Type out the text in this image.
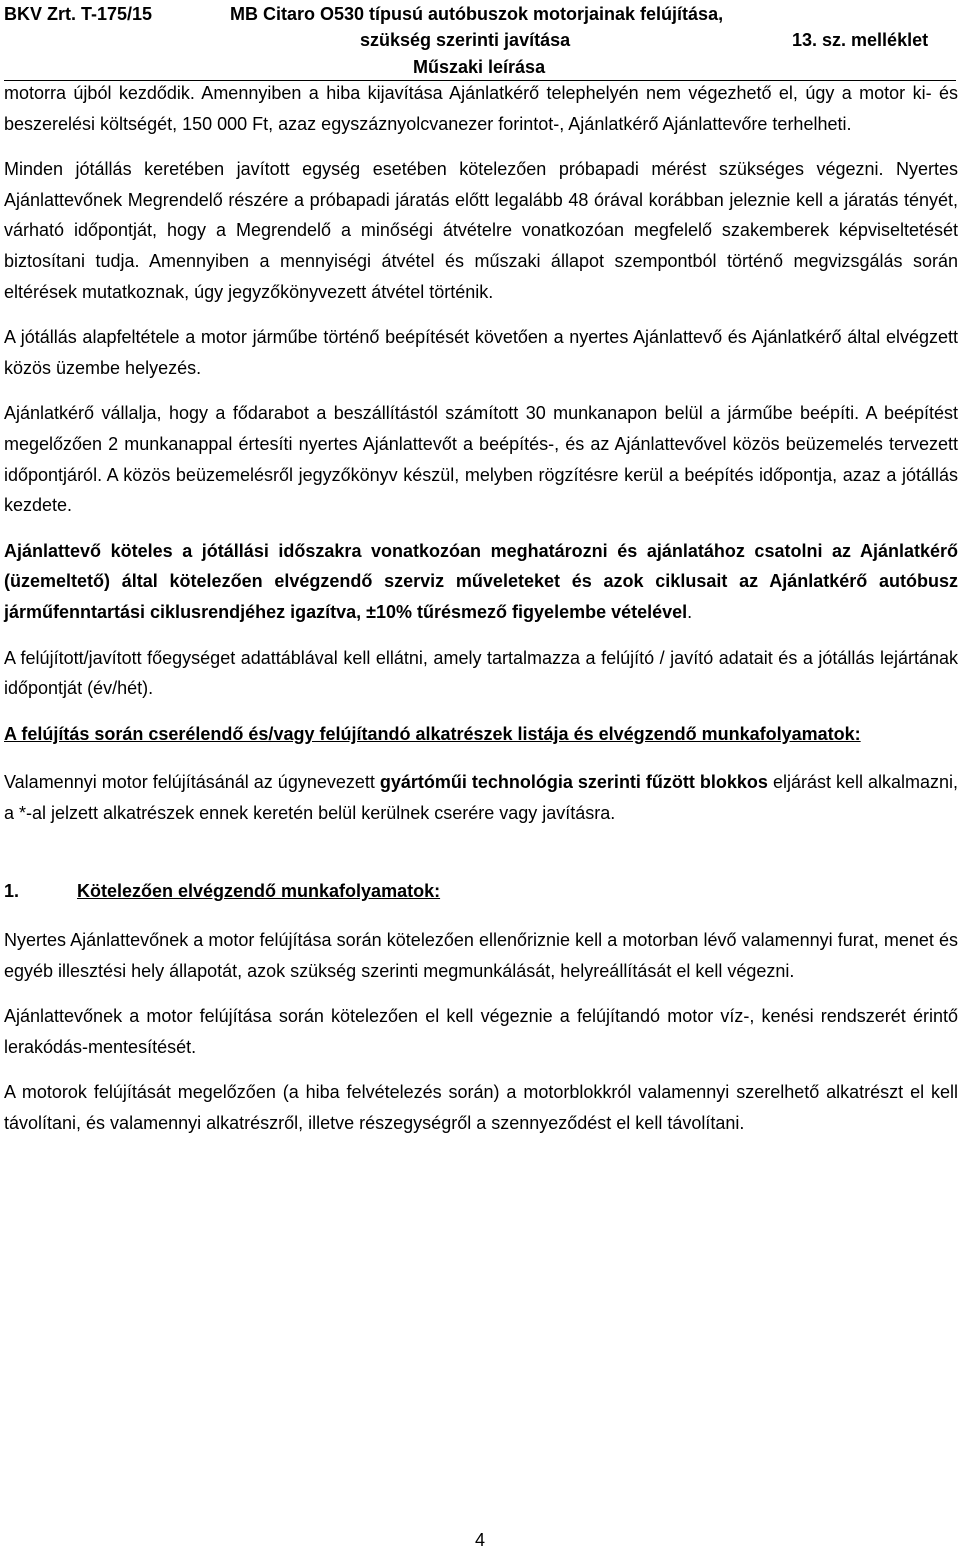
BKV Zrt. T-175/15	MB Citaro O530 típusú autóbuszok motorjainak felújítása,
szükség szerinti javítása	13. sz. melléklet
Műszaki leírása

motorra újból kezdődik. Amennyiben a hiba kijavítása Ajánlatkérő telephelyén nem végezhető el, úgy a motor ki- és beszerelési költségét, 150 000 Ft, azaz egyszáznyolcvanezer forintot-, Ajánlatkérő Ajánlattevőre terhelheti.

Minden jótállás keretében javított egység esetében kötelezően próbapadi mérést szükséges végezni. Nyertes Ajánlattevőnek Megrendelő részére a próbapadi járatás előtt legalább 48 órával korábban jeleznie kell a járatás tényét, várható időpontját, hogy a Megrendelő a minőségi átvételre vonatkozóan megfelelő szakemberek képviseltetését biztosítani tudja. Amennyiben a mennyiségi átvétel és műszaki állapot szempontból történő megvizsgálás során eltérések mutatkoznak, úgy jegyzőkönyvezett átvétel történik.

A jótállás alapfeltétele a motor járműbe történő beépítését követően a nyertes Ajánlattevő és Ajánlatkérő által elvégzett közös üzembe helyezés.

Ajánlatkérő vállalja, hogy a fődarabot a beszállítástól számított 30 munkanapon belül a járműbe beépíti. A beépítést megelőzően 2 munkanappal értesíti nyertes Ajánlattevőt a beépítés-, és az Ajánlattevővel közös beüzemelés tervezett időpontjáról. A közös beüzemelésről jegyzőkönyv készül, melyben rögzítésre kerül a beépítés időpontja, azaz a jótállás kezdete.

Ajánlattevő köteles a jótállási időszakra vonatkozóan meghatározni és ajánlatához csatolni az Ajánlatkérő (üzemeltető) által kötelezően elvégzendő szerviz műveleteket és azok ciklusait az Ajánlatkérő autóbusz járműfenntartási ciklusrendjéhez igazítva, ±10% tűrésmező figyelembe vételével.

A felújított/javított főegységet adattáblával kell ellátni, amely tartalmazza a felújító / javító adatait és a jótállás lejártának időpontját (év/hét).

A felújítás során cserélendő és/vagy felújítandó alkatrészek listája és elvégzendő munkafolyamatok:

Valamennyi motor felújításánál az úgynevezett gyártóműi technológia szerinti fűzött blokkos eljárást kell alkalmazni, a *-al jelzett alkatrészek ennek keretén belül kerülnek cserére vagy javításra.

1.	Kötelezően elvégzendő munkafolyamatok:

Nyertes Ajánlattevőnek a motor felújítása során kötelezően ellenőriznie kell a motorban lévő valamennyi furat, menet és egyéb illesztési hely állapotát, azok szükség szerinti megmunkálását, helyreállítását el kell végezni.

Ajánlattevőnek a motor felújítása során kötelezően el kell végeznie a felújítandó motor víz-, kenési rendszerét érintő lerakódás-mentesítését.

A motorok felújítását megelőzően (a hiba felvételezés során) a motorblokkról valamennyi szerelhető alkatrészt el kell távolítani, és valamennyi alkatrészről, illetve részegységről a szennyeződést el kell távolítani.

4
